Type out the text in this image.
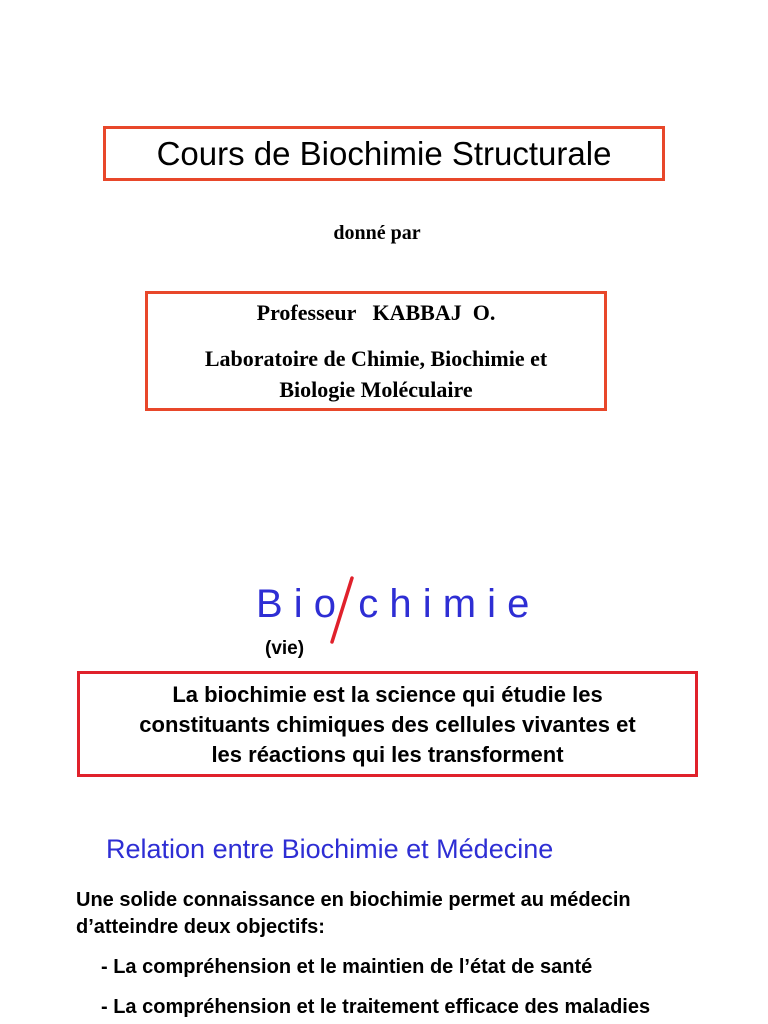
Cours de Biochimie Structurale
donné par
Professeur   KABBAJ  O.
Laboratoire de Chimie, Biochimie et
Biologie Moléculaire
B i o  c h i m i e
(vie)
La biochimie est la science qui étudie les
constituants chimiques des cellules vivantes et
les réactions qui les transforment
Relation entre Biochimie et Médecine
Une solide connaissance en biochimie permet au médecin
d’atteindre deux objectifs:
- La compréhension et le maintien de l’état de santé
- La compréhension et le traitement efficace des maladies
